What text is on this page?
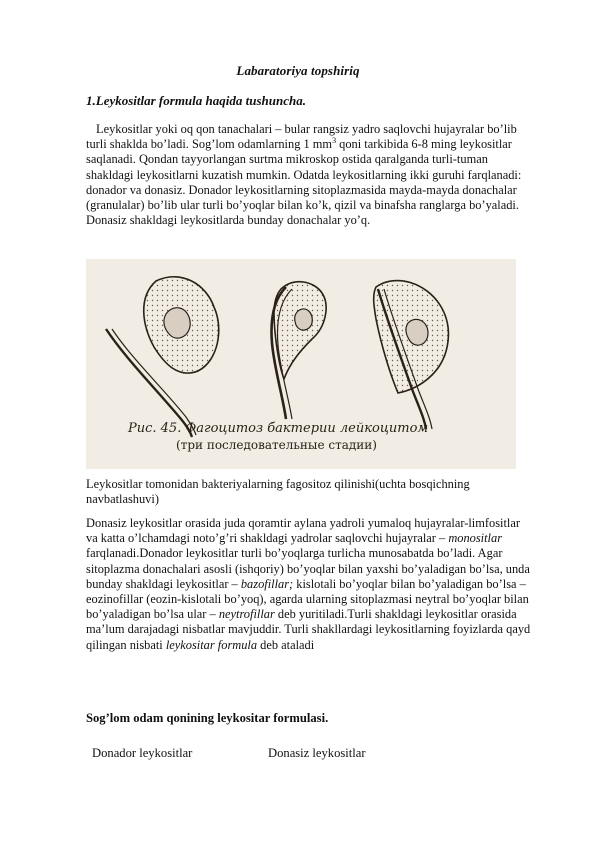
Labaratoriya topshiriq
1.Leykositlar formula haqida tushuncha.

Leykositlar yoki oq qon tanachalari – bular rangsiz yadro saqlovchi hujayralar bo’lib turli shaklda bo’ladi. Sog’lom odamlarning 1 $mm^3$ qoni tarkibida 6-8 ming leykositlar saqlanadi. Qondan tayyorlangan surtma mikroskop ostida qaralganda turli-tuman shakldagi leykositlarni kuzatish mumkin. Odatda leykositlarning ikki guruhi farqlanadi: donador va donasiz. Donador leykositlarning sitoplazmasida mayda-mayda donachalar (granulalar) bo’lib ular turli bo’yoqlar bilan ko’k, qizil va binafsha ranglarga bo’yaladi. Donasiz shakldagi leykositlarda bunday donachalar yo’q.

Рис. 45. Фагоцитоз бактерии лейкоцитом
(три последовательные стадии)

Leykositlar tomonidan bakteriyalarning fagositoz qilinishi(uchta bosqichning navbatlashuvi)

Donasiz leykositlar orasida juda qoramtir aylana yadroli yumaloq hujayralar-limfositlar va katta o’lchamdagi noto’g’ri shakldagi yadrolar saqlovchi hujayralar – monositlar farqlanadi.Donador leykositlar turli bo’yoqlarga turlicha munosabatda bo’ladi. Agar sitoplazma donachalari asosli (ishqoriy) bo’yoqlar bilan yaxshi bo’yaladigan bo’lsa, unda bunday shakldagi leykositlar – bazofillar; kislotali bo’yoqlar bilan bo’yaladigan bo’lsa – eozinofillar (eozin-kislotali bo’yoq), agarda ularning sitoplazmasi neytral bo’yoqlar bilan bo’yaladigan bo’lsa ular – neytrofillar deb yuritiladi.Turli shakldagi leykositlar orasida ma’lum darajadagi nisbatlar mavjuddir. Turli shakllardagi leykositlarning foyizlarda qayd qilingan nisbati leykositar formula deb ataladi

Sog’lom odam qonining leykositar formulasi.
Donador leykositlar	Donasiz leykositlar
